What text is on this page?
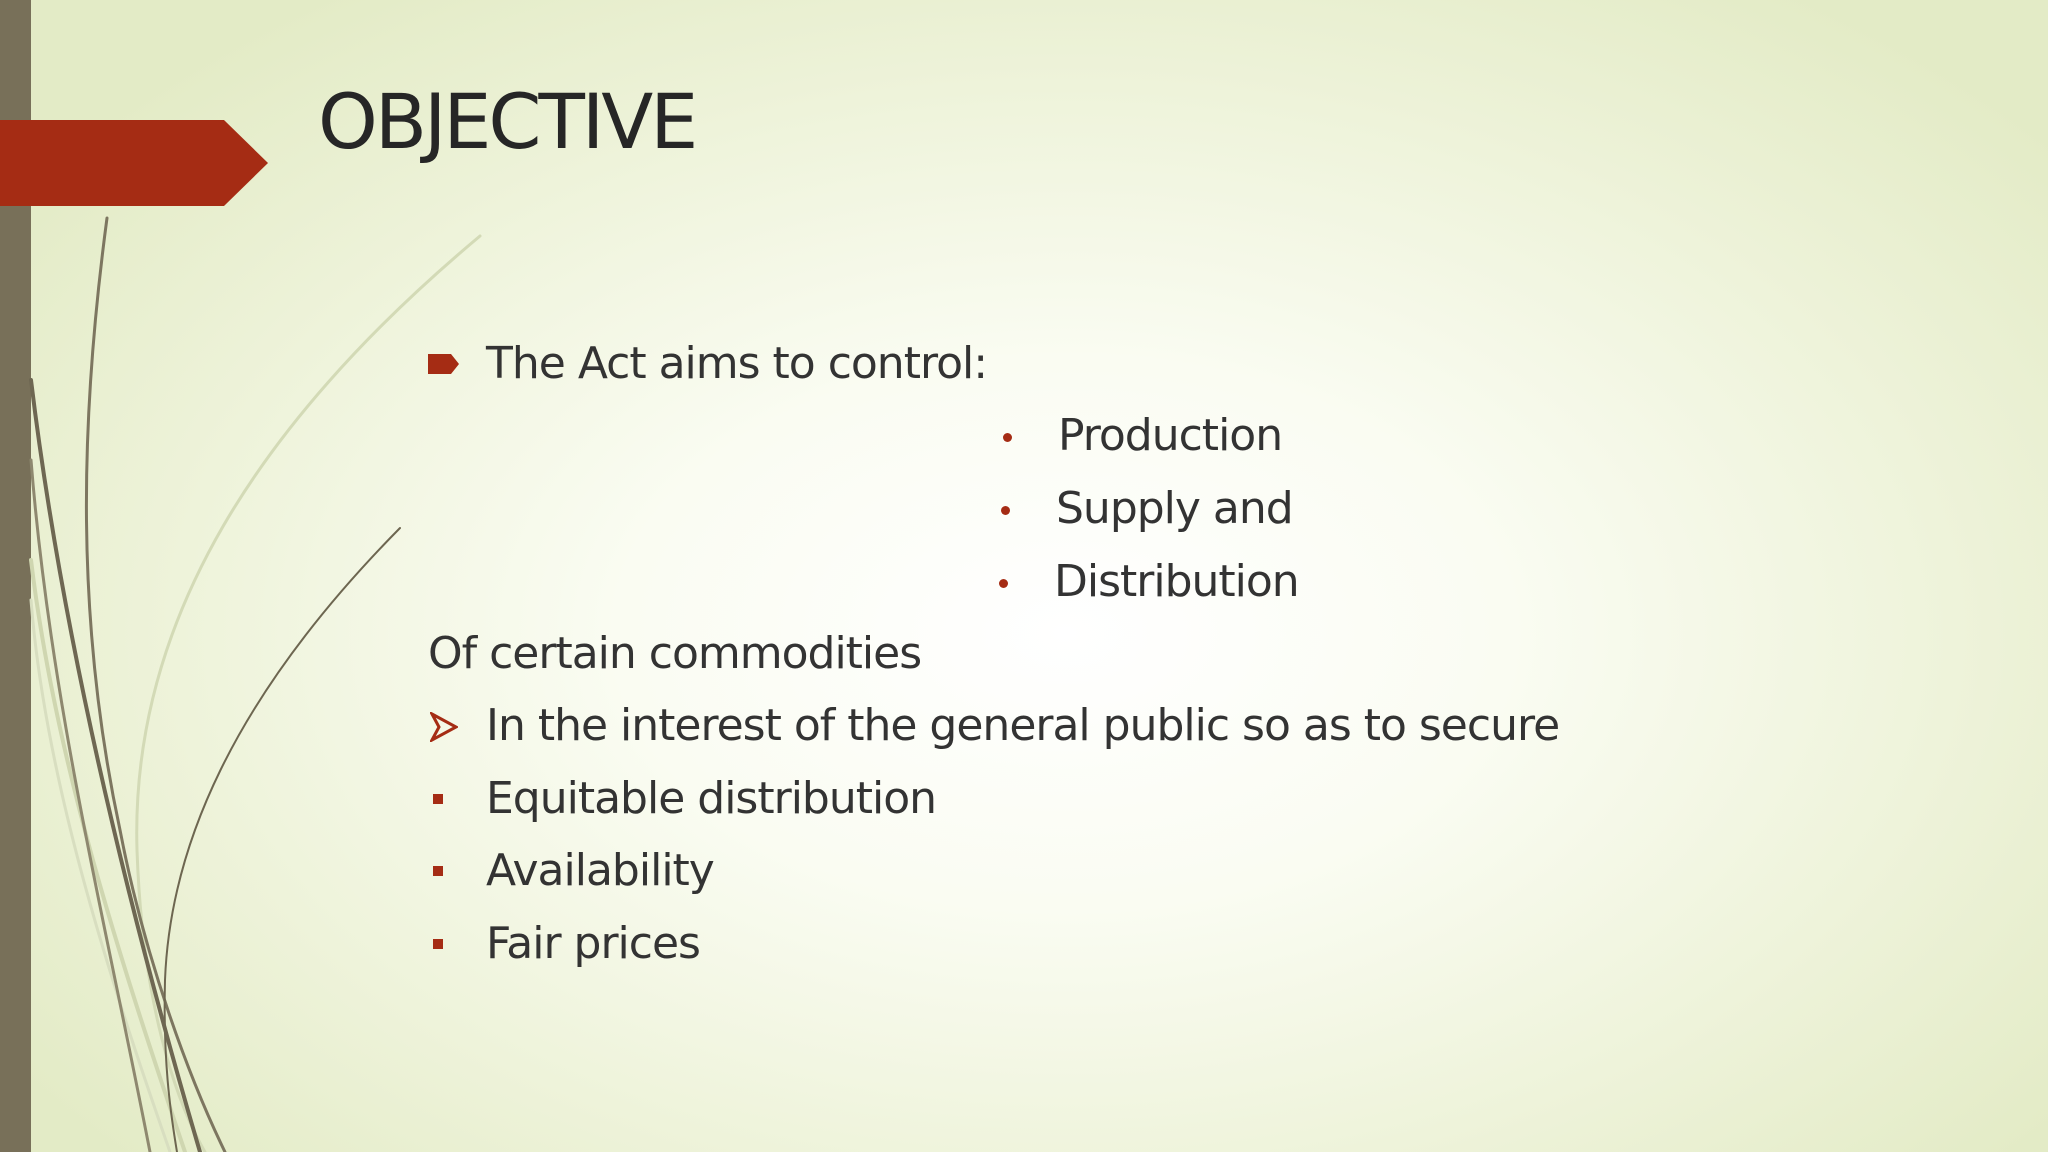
OBJECTIVE
The Act aims to control:
Production
Supply and
Distribution
Of certain commodities
In the interest of the general public so as to secure
Equitable distribution
Availability
Fair prices
